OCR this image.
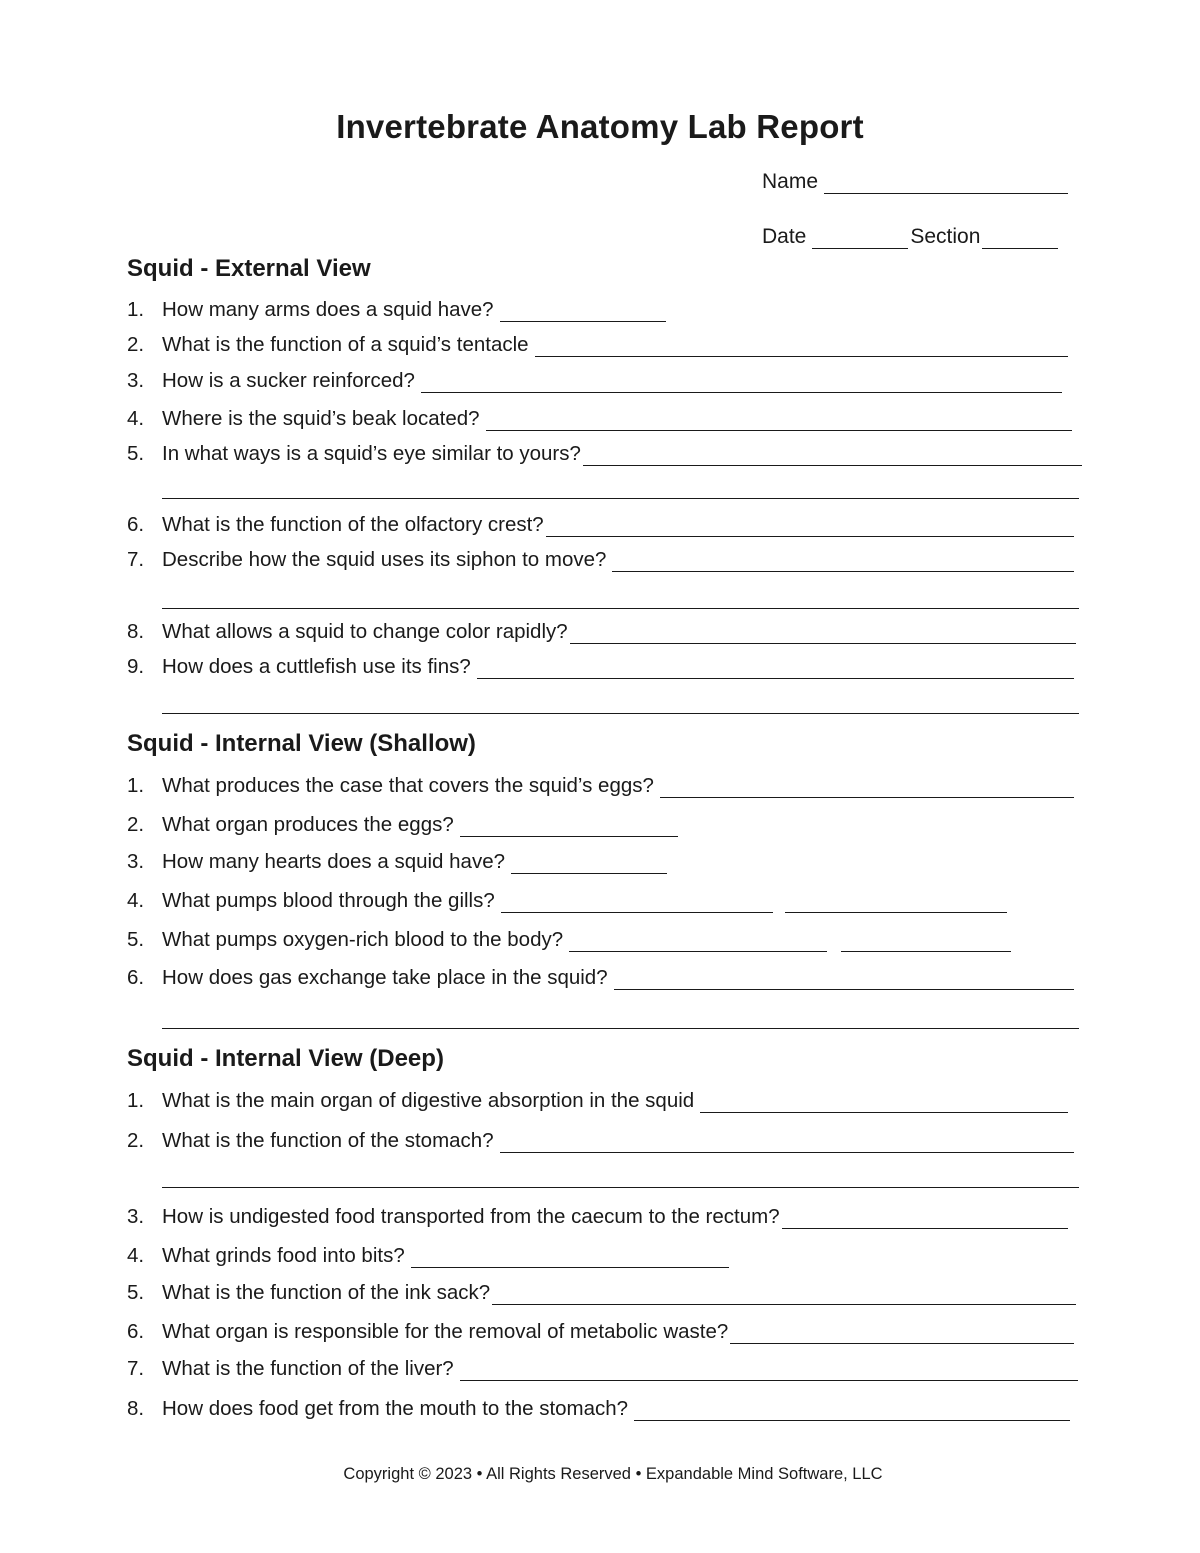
Invertebrate Anatomy Lab Report
Name
Date	Section
Squid - External View
1. How many arms does a squid have?
2. What is the function of a squid’s tentacle
3. How is a sucker reinforced?
4. Where is the squid’s beak located?
5. In what ways is a squid’s eye similar to yours?
6. What is the function of the olfactory crest?
7. Describe how the squid uses its siphon to move?
8. What allows a squid to change color rapidly?
9. How does a cuttlefish use its fins?
Squid - Internal View (Shallow)
1. What produces the case that covers the squid’s eggs?
2. What organ produces the eggs?
3. How many hearts does a squid have?
4. What pumps blood through the gills?
5. What pumps oxygen-rich blood to the body?
6. How does gas exchange take place in the squid?
Squid - Internal View (Deep)
1. What is the main organ of digestive absorption in the squid
2. What is the function of the stomach?
3. How is undigested food transported from the caecum to the rectum?
4. What grinds food into bits?
5. What is the function of the ink sack?
6. What organ is responsible for the removal of metabolic waste?
7. What is the function of the liver?
8. How does food get from the mouth to the stomach?
Copyright © 2023 • All Rights Reserved • Expandable Mind Software, LLC
